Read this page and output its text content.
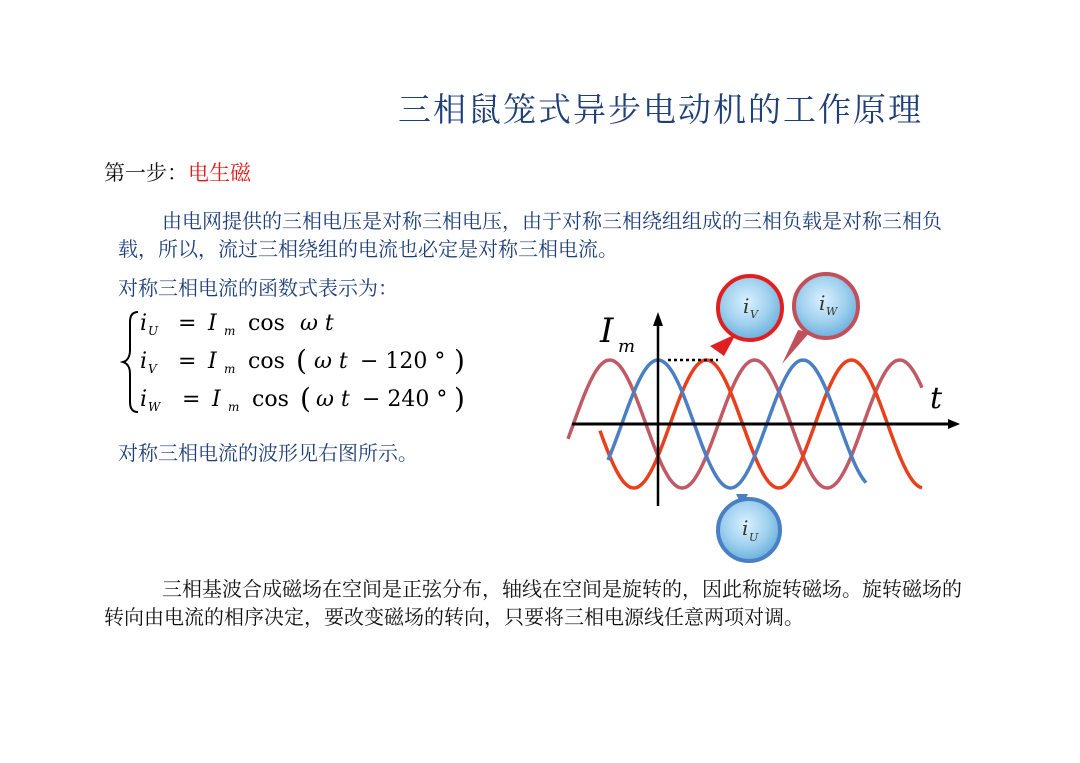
三相鼠笼式异步电动机的工作原理
第一步：电生磁
由电网提供的三相电压是对称三相电压，由于对称三相绕组组成的三相负载是对称三相负载，所以，流过三相绕组的电流也必定是对称三相电流。
对称三相电流的函数式表示为：
i U = I m cos ω t
i V = I m cos ( ω t − 120 ° )
i W = I m cos ( ω t − 240 ° )
对称三相电流的波形见右图所示。
I m
t
i V	i W
i U
三相基波合成磁场在空间是正弦分布，轴线在空间是旋转的，因此称旋转磁场。旋转磁场的转向由电流的相序决定，要改变磁场的转向，只要将三相电源线任意两项对调。
